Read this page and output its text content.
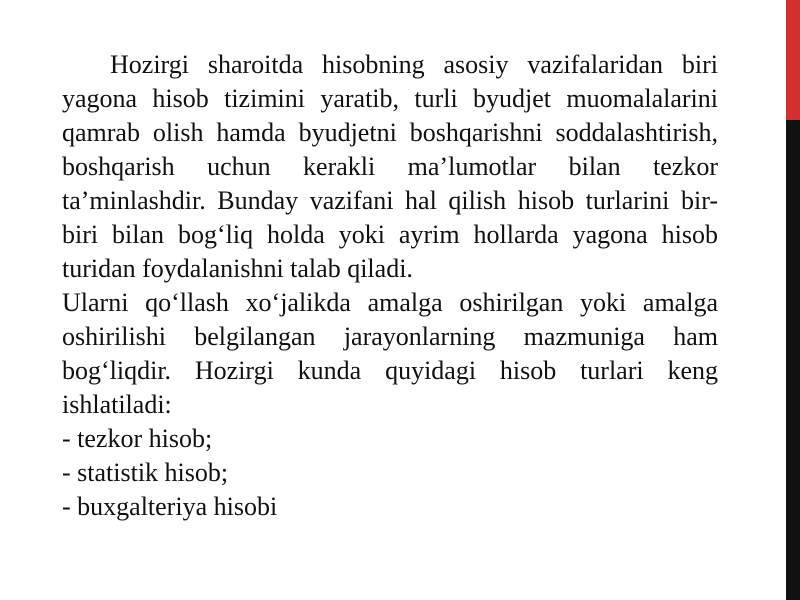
Hozirgi sharoitda hisobning asosiy vazifalaridan biri yagona hisob tizimini yaratib, turli byudjet muomalalarini qamrab olish hamda byudjetni boshqarishni soddalashtirish, boshqarish uchun kerakli ma’lumotlar bilan tezkor ta’minlashdir. Bunday vazifani hal qilish hisob turlarini bir-biri bilan bog‘liq holda yoki ayrim hollarda yagona hisob turidan foydalanishni talab qiladi.

Ularni qo‘llash xo‘jalikda amalga oshirilgan yoki amalga oshirilishi belgilangan jarayonlarning mazmuniga ham bog‘liqdir. Hozirgi kunda quyidagi hisob turlari keng ishlatiladi:

- tezkor hisob;
- statistik hisob;
- buxgalteriya hisobi
